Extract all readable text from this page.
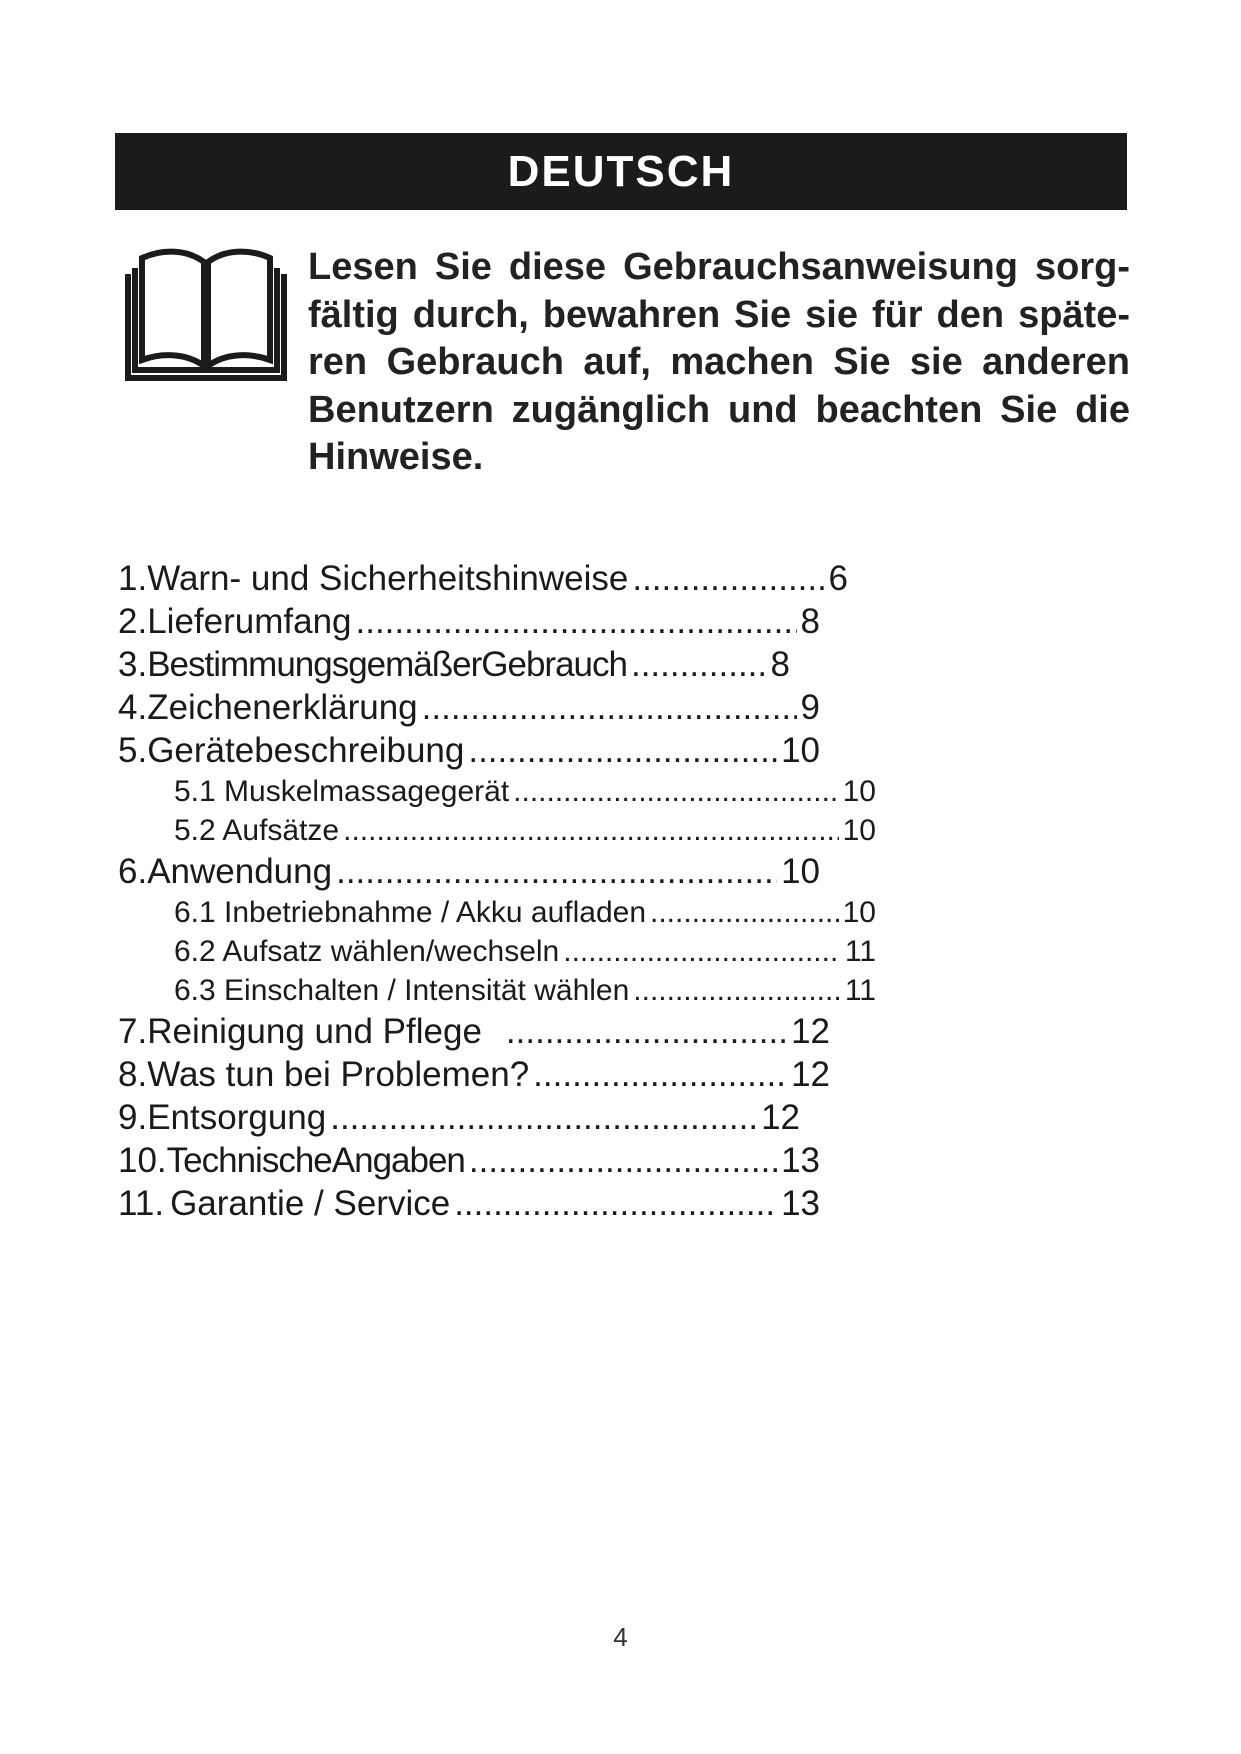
DEUTSCH
Lesen Sie diese Gebrauchsanweisung sorg-
fältig durch, bewahren Sie sie für den späte-
ren Gebrauch auf, machen Sie sie anderen
Benutzern zugänglich und beachten Sie die
Hinweise.
1. Warn- und Sicherheitshinweise .....	6
2. Lieferumfang .....	8
3. BestimmungsgemäßerGebrauch .....	8
4. Zeichenerklärung .....	9
5. Gerätebeschreibung .....	10
5.1 Muskelmassagegerät .....	10
5.2 Aufsätze .....	10
6. Anwendung .....	10
6.1 Inbetriebnahme / Akku aufladen .....	10
6.2 Aufsatz wählen/wechseln .....	11
6.3 Einschalten / Intensität wählen .....	11
7. Reinigung und Pflege .....	12
8. Was tun bei Problemen? .....	12
9. Entsorgung .....	12
10. TechnischeAngaben .....	13
11. Garantie / Service .....	13
4
